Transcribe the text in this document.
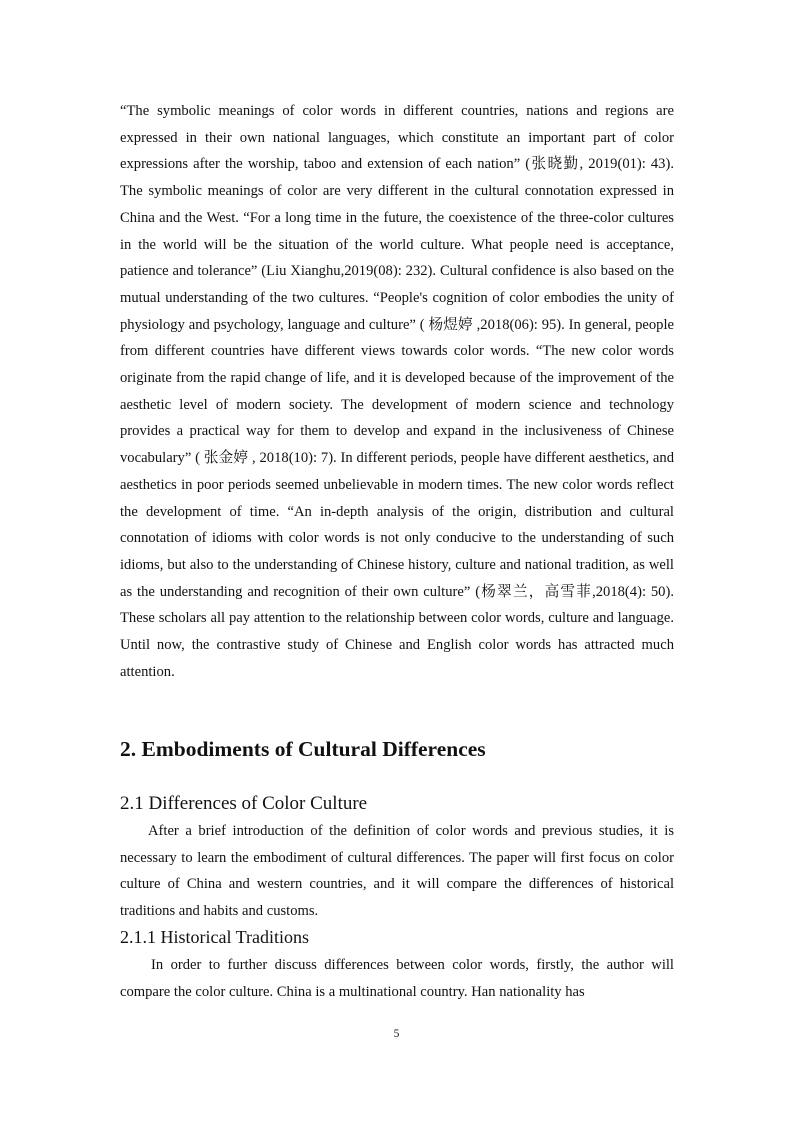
“The symbolic meanings of color words in different countries, nations and regions are expressed in their own national languages, which constitute an important part of color expressions after the worship, taboo and extension of each nation” (张晓勤, 2019(01): 43). The symbolic meanings of color are very different in the cultural connotation expressed in China and the West. “For a long time in the future, the coexistence of the three-color cultures in the world will be the situation of the world culture. What people need is acceptance, patience and tolerance” (Liu Xianghu,2019(08): 232). Cultural confidence is also based on the mutual understanding of the two cultures. “People's cognition of color embodies the unity of physiology and psychology, language and culture” ( 杨煜婷 ,2018(06): 95). In general, people from different countries have different views towards color words. “The new color words originate from the rapid change of life, and it is developed because of the improvement of the aesthetic level of modern society. The development of modern science and technology provides a practical way for them to develop and expand in the inclusiveness of Chinese vocabulary” ( 张金婷 , 2018(10): 7). In different periods, people have different aesthetics, and aesthetics in poor periods seemed unbelievable in modern times. The new color words reflect the development of time. “An in-depth analysis of the origin, distribution and cultural connotation of idioms with color words is not only conducive to the understanding of such idioms, but also to the understanding of Chinese history, culture and national tradition, as well as the understanding and recognition of their own culture” (杨翠兰，高雪菲,2018(4): 50). These scholars all pay attention to the relationship between color words, culture and language. Until now, the contrastive study of Chinese and English color words has attracted much attention.

2. Embodiments of Cultural Differences
2.1 Differences of Color Culture

After a brief introduction of the definition of color words and previous studies, it is necessary to learn the embodiment of cultural differences. The paper will first focus on color culture of China and western countries, and it will compare the differences of historical traditions and habits and customs.

2.1.1 Historical Traditions

In order to further discuss differences between color words, firstly, the author will compare the color culture. China is a multinational country. Han nationality has

5
